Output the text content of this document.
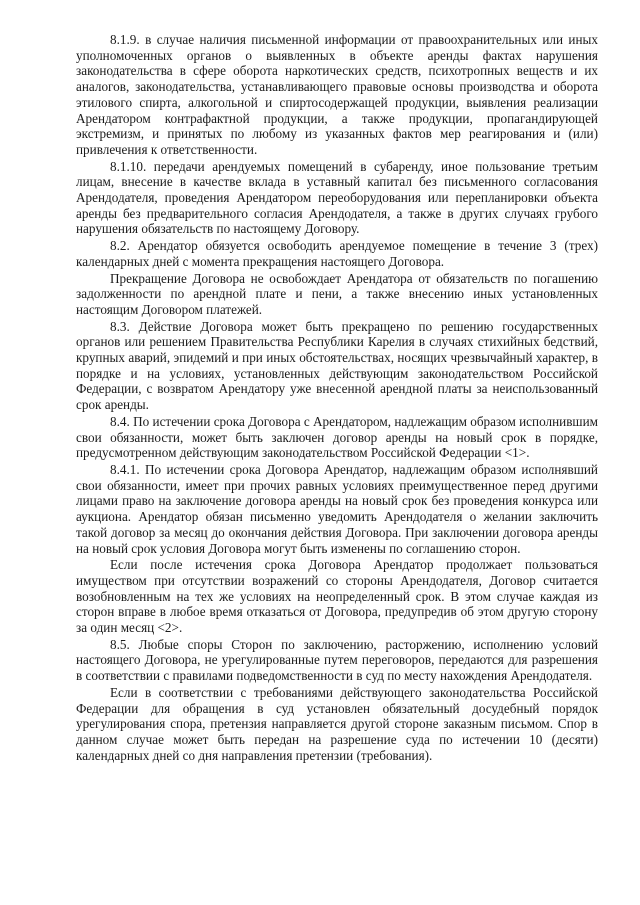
8.1.9. в случае наличия письменной информации от правоохранительных или иных уполномоченных органов о выявленных в объекте аренды фактах нарушения законодательства в сфере оборота наркотических средств, психотропных веществ и их аналогов, законодательства, устанавливающего правовые основы производства и оборота этилового спирта, алкогольной и спиртосодержащей продукции, выявления реализации Арендатором контрафактной продукции, а также продукции, пропагандирующей экстремизм, и принятых по любому из указанных фактов мер реагирования и (или) привлечения к ответственности.

8.1.10. передачи арендуемых помещений в субаренду, иное пользование третьим лицам, внесение в качестве вклада в уставный капитал без письменного согласования Арендодателя, проведения Арендатором переоборудования или перепланировки объекта аренды без предварительного согласия Арендодателя, а также в других случаях грубого нарушения обязательств по настоящему Договору.

8.2. Арендатор обязуется освободить арендуемое помещение в течение 3 (трех) календарных дней с момента прекращения настоящего Договора.

Прекращение Договора не освобождает Арендатора от обязательств по погашению задолженности по арендной плате и пени, а также внесению иных установленных настоящим Договором платежей.

8.3. Действие Договора может быть прекращено по решению государственных органов или решением Правительства Республики Карелия в случаях стихийных бедствий, крупных аварий, эпидемий и при иных обстоятельствах, носящих чрезвычайный характер, в порядке и на условиях, установленных действующим законодательством Российской Федерации, с возвратом Арендатору уже внесенной арендной платы за неиспользованный срок аренды.

8.4. По истечении срока Договора с Арендатором, надлежащим образом исполнившим свои обязанности, может быть заключен договор аренды на новый срок в порядке, предусмотренном действующим законодательством Российской Федерации <1>.

8.4.1. По истечении срока Договора Арендатор, надлежащим образом исполнявший свои обязанности, имеет при прочих равных условиях преимущественное перед другими лицами право на заключение договора аренды на новый срок без проведения конкурса или аукциона. Арендатор обязан письменно уведомить Арендодателя о желании заключить такой договор за месяц до окончания действия Договора. При заключении договора аренды на новый срок условия Договора могут быть изменены по соглашению сторон.

Если после истечения срока Договора Арендатор продолжает пользоваться имуществом при отсутствии возражений со стороны Арендодателя, Договор считается возобновленным на тех же условиях на неопределенный срок. В этом случае каждая из сторон вправе в любое время отказаться от Договора, предупредив об этом другую сторону за один месяц <2>.

8.5. Любые споры Сторон по заключению, расторжению, исполнению условий настоящего Договора, не урегулированные путем переговоров, передаются для разрешения в соответствии с правилами подведомственности в суд по месту нахождения Арендодателя.

Если в соответствии с требованиями действующего законодательства Российской Федерации для обращения в суд установлен обязательный досудебный порядок урегулирования спора, претензия направляется другой стороне заказным письмом. Спор в данном случае может быть передан на разрешение суда по истечении 10 (десяти) календарных дней со дня направления претензии (требования).
